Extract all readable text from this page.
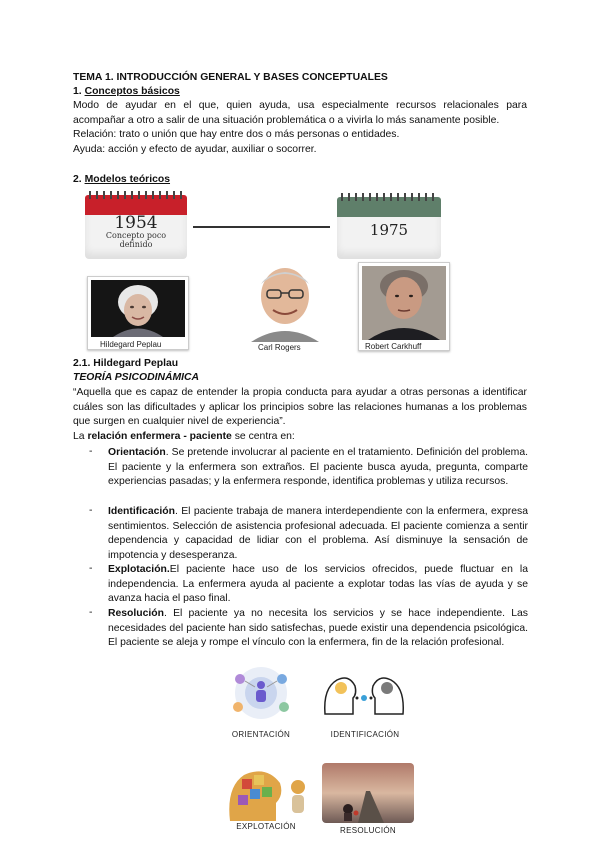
TEMA 1. INTRODUCCIÓN GENERAL Y BASES CONCEPTUALES
1. Conceptos básicos
Modo de ayudar en el que, quien ayuda, usa especialmente recursos relacionales para acompañar a otro a salir de una situación problemática o a vivirla lo más sanamente posible.
Relación: trato o unión que hay entre dos o más personas o entidades.
Ayuda: acción y efecto de ayudar, auxiliar o socorrer.
2. Modelos teóricos
1954
Concepto poco
definido
1975
Hildegard Peplau	Carl Rogers	Robert Carkhuff
2.1. Hildegard Peplau
TEORÍA PSICODINÁMICA
“Aquella que es capaz de entender la propia conducta para ayudar a otras personas a identificar cuáles son las dificultades y aplicar los principios sobre las relaciones humanas a los problemas que surgen en cualquier nivel de experiencia”.
La relación enfermera - paciente se centra en:
- Orientación. Se pretende involucrar al paciente en el tratamiento. Definición del problema. El paciente y la enfermera son extraños. El paciente busca ayuda, pregunta, comparte experiencias pasadas; y la enfermera responde, identifica problemas y utiliza recursos.
- Identificación. El paciente trabaja de manera interdependiente con la enfermera, expresa sentimientos. Selección de asistencia profesional adecuada. El paciente comienza a sentir dependencia y capacidad de lidiar con el problema. Así disminuye la sensación de impotencia y desesperanza.
- Explotación.El paciente hace uso de los servicios ofrecidos, puede fluctuar en la independencia. La enfermera ayuda al paciente a explotar todas las vías de ayuda y se avanza hacia el paso final.
- Resolución. El paciente ya no necesita los servicios y se hace independiente. Las necesidades del paciente han sido satisfechas, puede existir una dependencia psicológica. El paciente se aleja y rompe el vínculo con la enfermera, fin de la relación profesional.
ORIENTACIÓN	IDENTIFICACIÓN
EXPLOTACIÓN	RESOLUCIÓN
